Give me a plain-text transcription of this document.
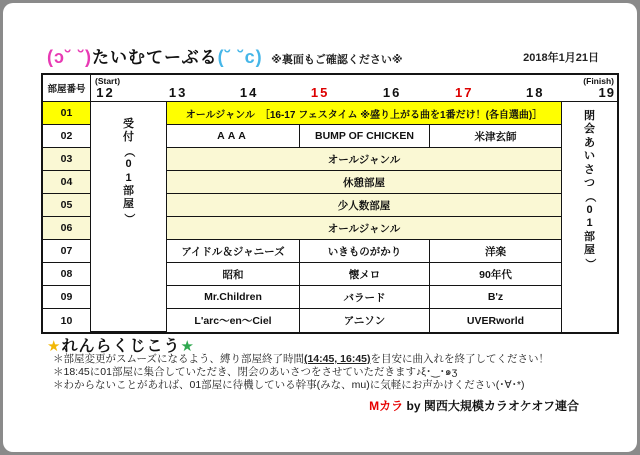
(ɔ˘ ˘)たいむてーぶる(˘ ˘c) ※裏面もご確認ください※	2018年1月21日
部屋番号
(Start)	(Finish)
12	13	14	15	16	17	18	19
受
付
（
0
1
部
屋
）
閉
会
あ
い
さ
つ
（
0
1
部
屋
）
01	オールジャンル　［16-17 フェスタイム ※盛り上がる曲を1番だけ！(各自選曲)］
02	AAA	BUMP OF CHICKEN	米津玄師
03	オールジャンル
04	休憩部屋
05	少人数部屋
06	オールジャンル
07	アイドル＆ジャニーズ	いきものがかり	洋楽
08	昭和	懐メロ	90年代
09	Mr.Children	バラード	B'z
10	L'arc～en～Ciel	アニソン	UVERworld
★れんらくじこう★
＊部屋変更がスムーズになるよう、縛り部屋終了時間(14:45, 16:45)を目安に曲入れを終了してください！
＊18:45に01部屋に集合していただき、閉会のあいさつをさせていただきます♪ξ･‿･๑ʒ
＊わからないことがあれば、01部屋に待機している幹事(みな、mu)に気軽にお声かけください(･∀･*)
Mカラ by 関西大規模カラオケオフ連合
